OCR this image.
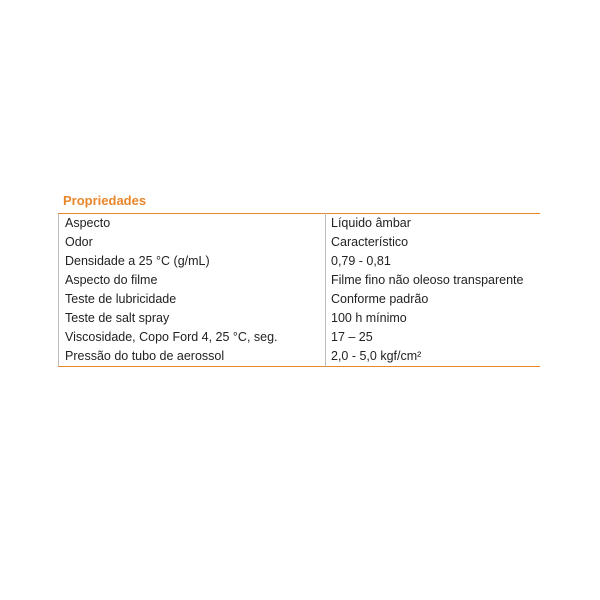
Propriedades
Aspecto	Líquido âmbar
Odor	Característico
Densidade a 25 °C (g/mL)	0,79 - 0,81
Aspecto do filme	Filme fino não oleoso transparente
Teste de lubricidade	Conforme padrão
Teste de salt spray	100 h mínimo
Viscosidade, Copo Ford 4, 25 °C, seg.	17 – 25
Pressão do tubo de aerossol	2,0 - 5,0 kgf/cm²
